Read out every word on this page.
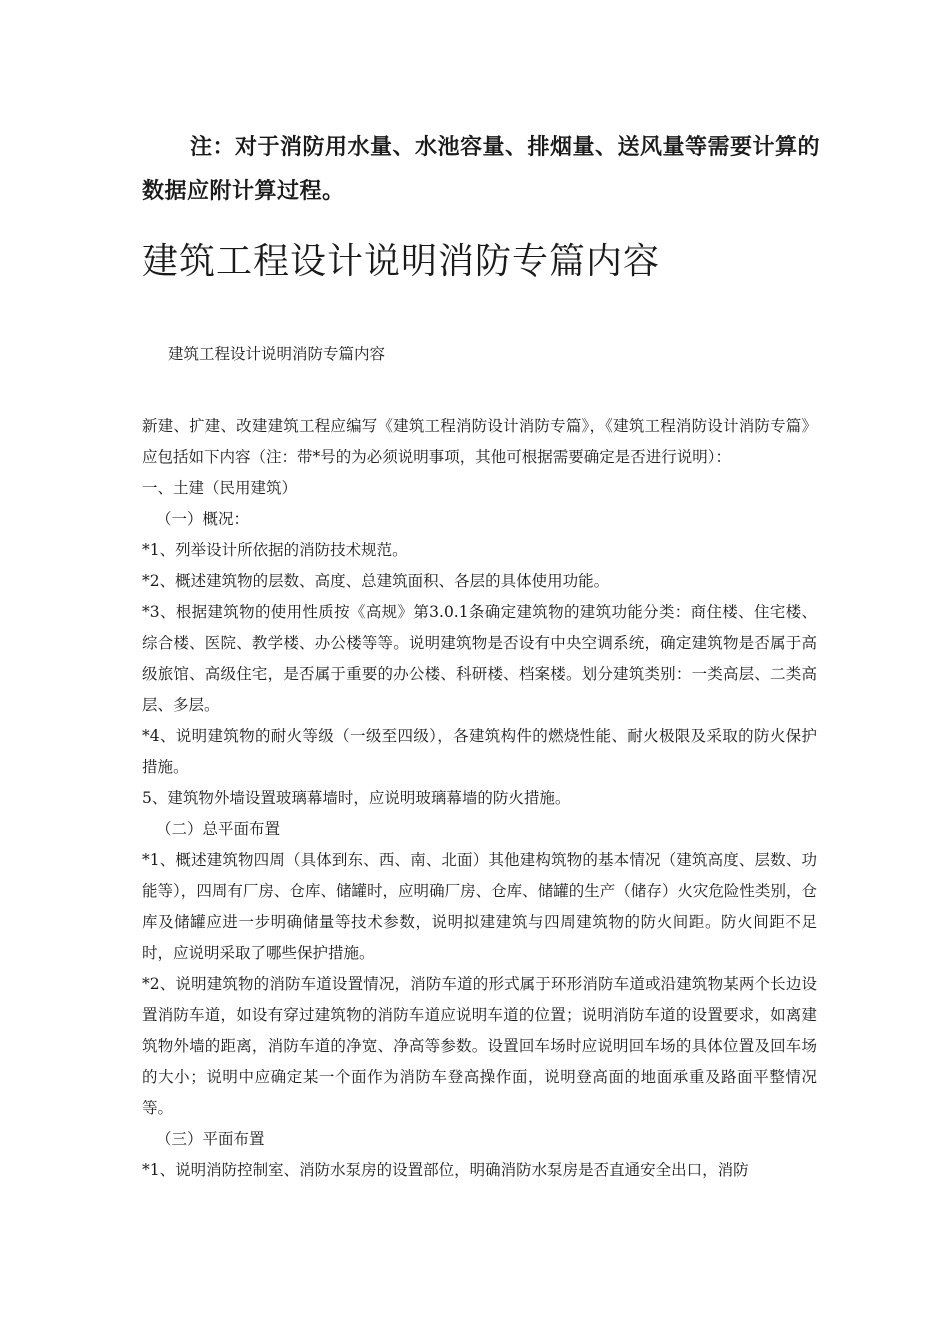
注：对于消防用水量、水池容量、排烟量、送风量等需要计算的数据应附计算过程。
建筑工程设计说明消防专篇内容
建筑工程设计说明消防专篇内容

新建、扩建、改建建筑工程应编写《建筑工程消防设计消防专篇》，《建筑工程消防设计消防专篇》应包括如下内容（注：带*号的为必须说明事项，其他可根据需要确定是否进行说明）：

一、土建（民用建筑）

（一）概况：

*1、列举设计所依据的消防技术规范。

*2、概述建筑物的层数、高度、总建筑面积、各层的具体使用功能。

*3、根据建筑物的使用性质按《高规》第3.0.1条确定建筑物的建筑功能分类：商住楼、住宅楼、综合楼、医院、教学楼、办公楼等等。说明建筑物是否设有中央空调系统，确定建筑物是否属于高级旅馆、高级住宅，是否属于重要的办公楼、科研楼、档案楼。划分建筑类别：一类高层、二类高层、多层。

*4、说明建筑物的耐火等级（一级至四级），各建筑构件的燃烧性能、耐火极限及采取的防火保护措施。

5、建筑物外墙设置玻璃幕墙时，应说明玻璃幕墙的防火措施。

（二）总平面布置

*1、概述建筑物四周（具体到东、西、南、北面）其他建构筑物的基本情况（建筑高度、层数、功能等），四周有厂房、仓库、储罐时，应明确厂房、仓库、储罐的生产（储存）火灾危险性类别，仓库及储罐应进一步明确储量等技术参数，说明拟建建筑与四周建筑物的防火间距。防火间距不足时，应说明采取了哪些保护措施。

*2、说明建筑物的消防车道设置情况，消防车道的形式属于环形消防车道或沿建筑物某两个长边设置消防车道，如设有穿过建筑物的消防车道应说明车道的位置；说明消防车道的设置要求，如离建筑物外墙的距离，消防车道的净宽、净高等参数。设置回车场时应说明回车场的具体位置及回车场的大小；说明中应确定某一个面作为消防车登高操作面，说明登高面的地面承重及路面平整情况等。

（三）平面布置

*1、说明消防控制室、消防水泵房的设置部位，明确消防水泵房是否直通安全出口，消防
